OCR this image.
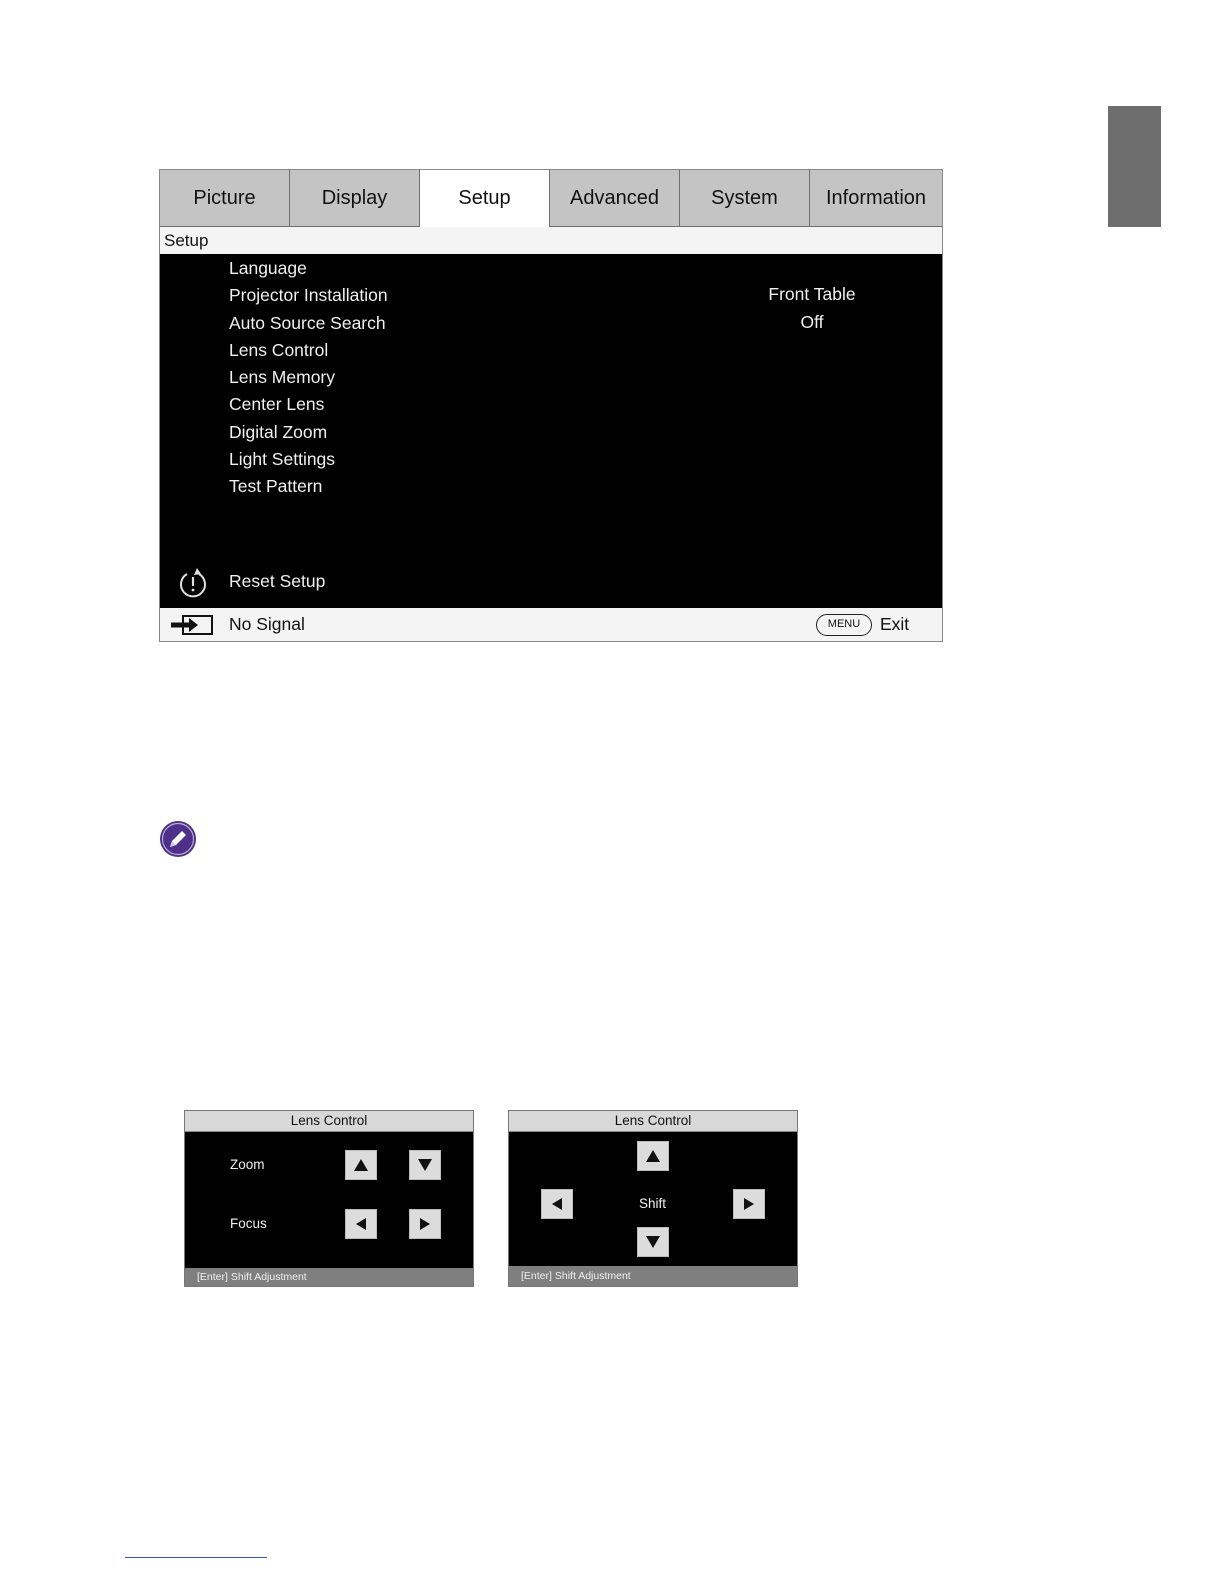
Picture	Display	Setup	Advanced	System	Information
Setup
Language
Projector Installation	Front Table
Auto Source Search	Off
Lens Control
Lens Memory
Center Lens
Digital Zoom
Light Settings
Test Pattern
Reset Setup
No Signal	MENU	Exit
Lens Control
Zoom
Focus
[Enter] Shift Adjustment
Lens Control
Shift
[Enter] Shift Adjustment
